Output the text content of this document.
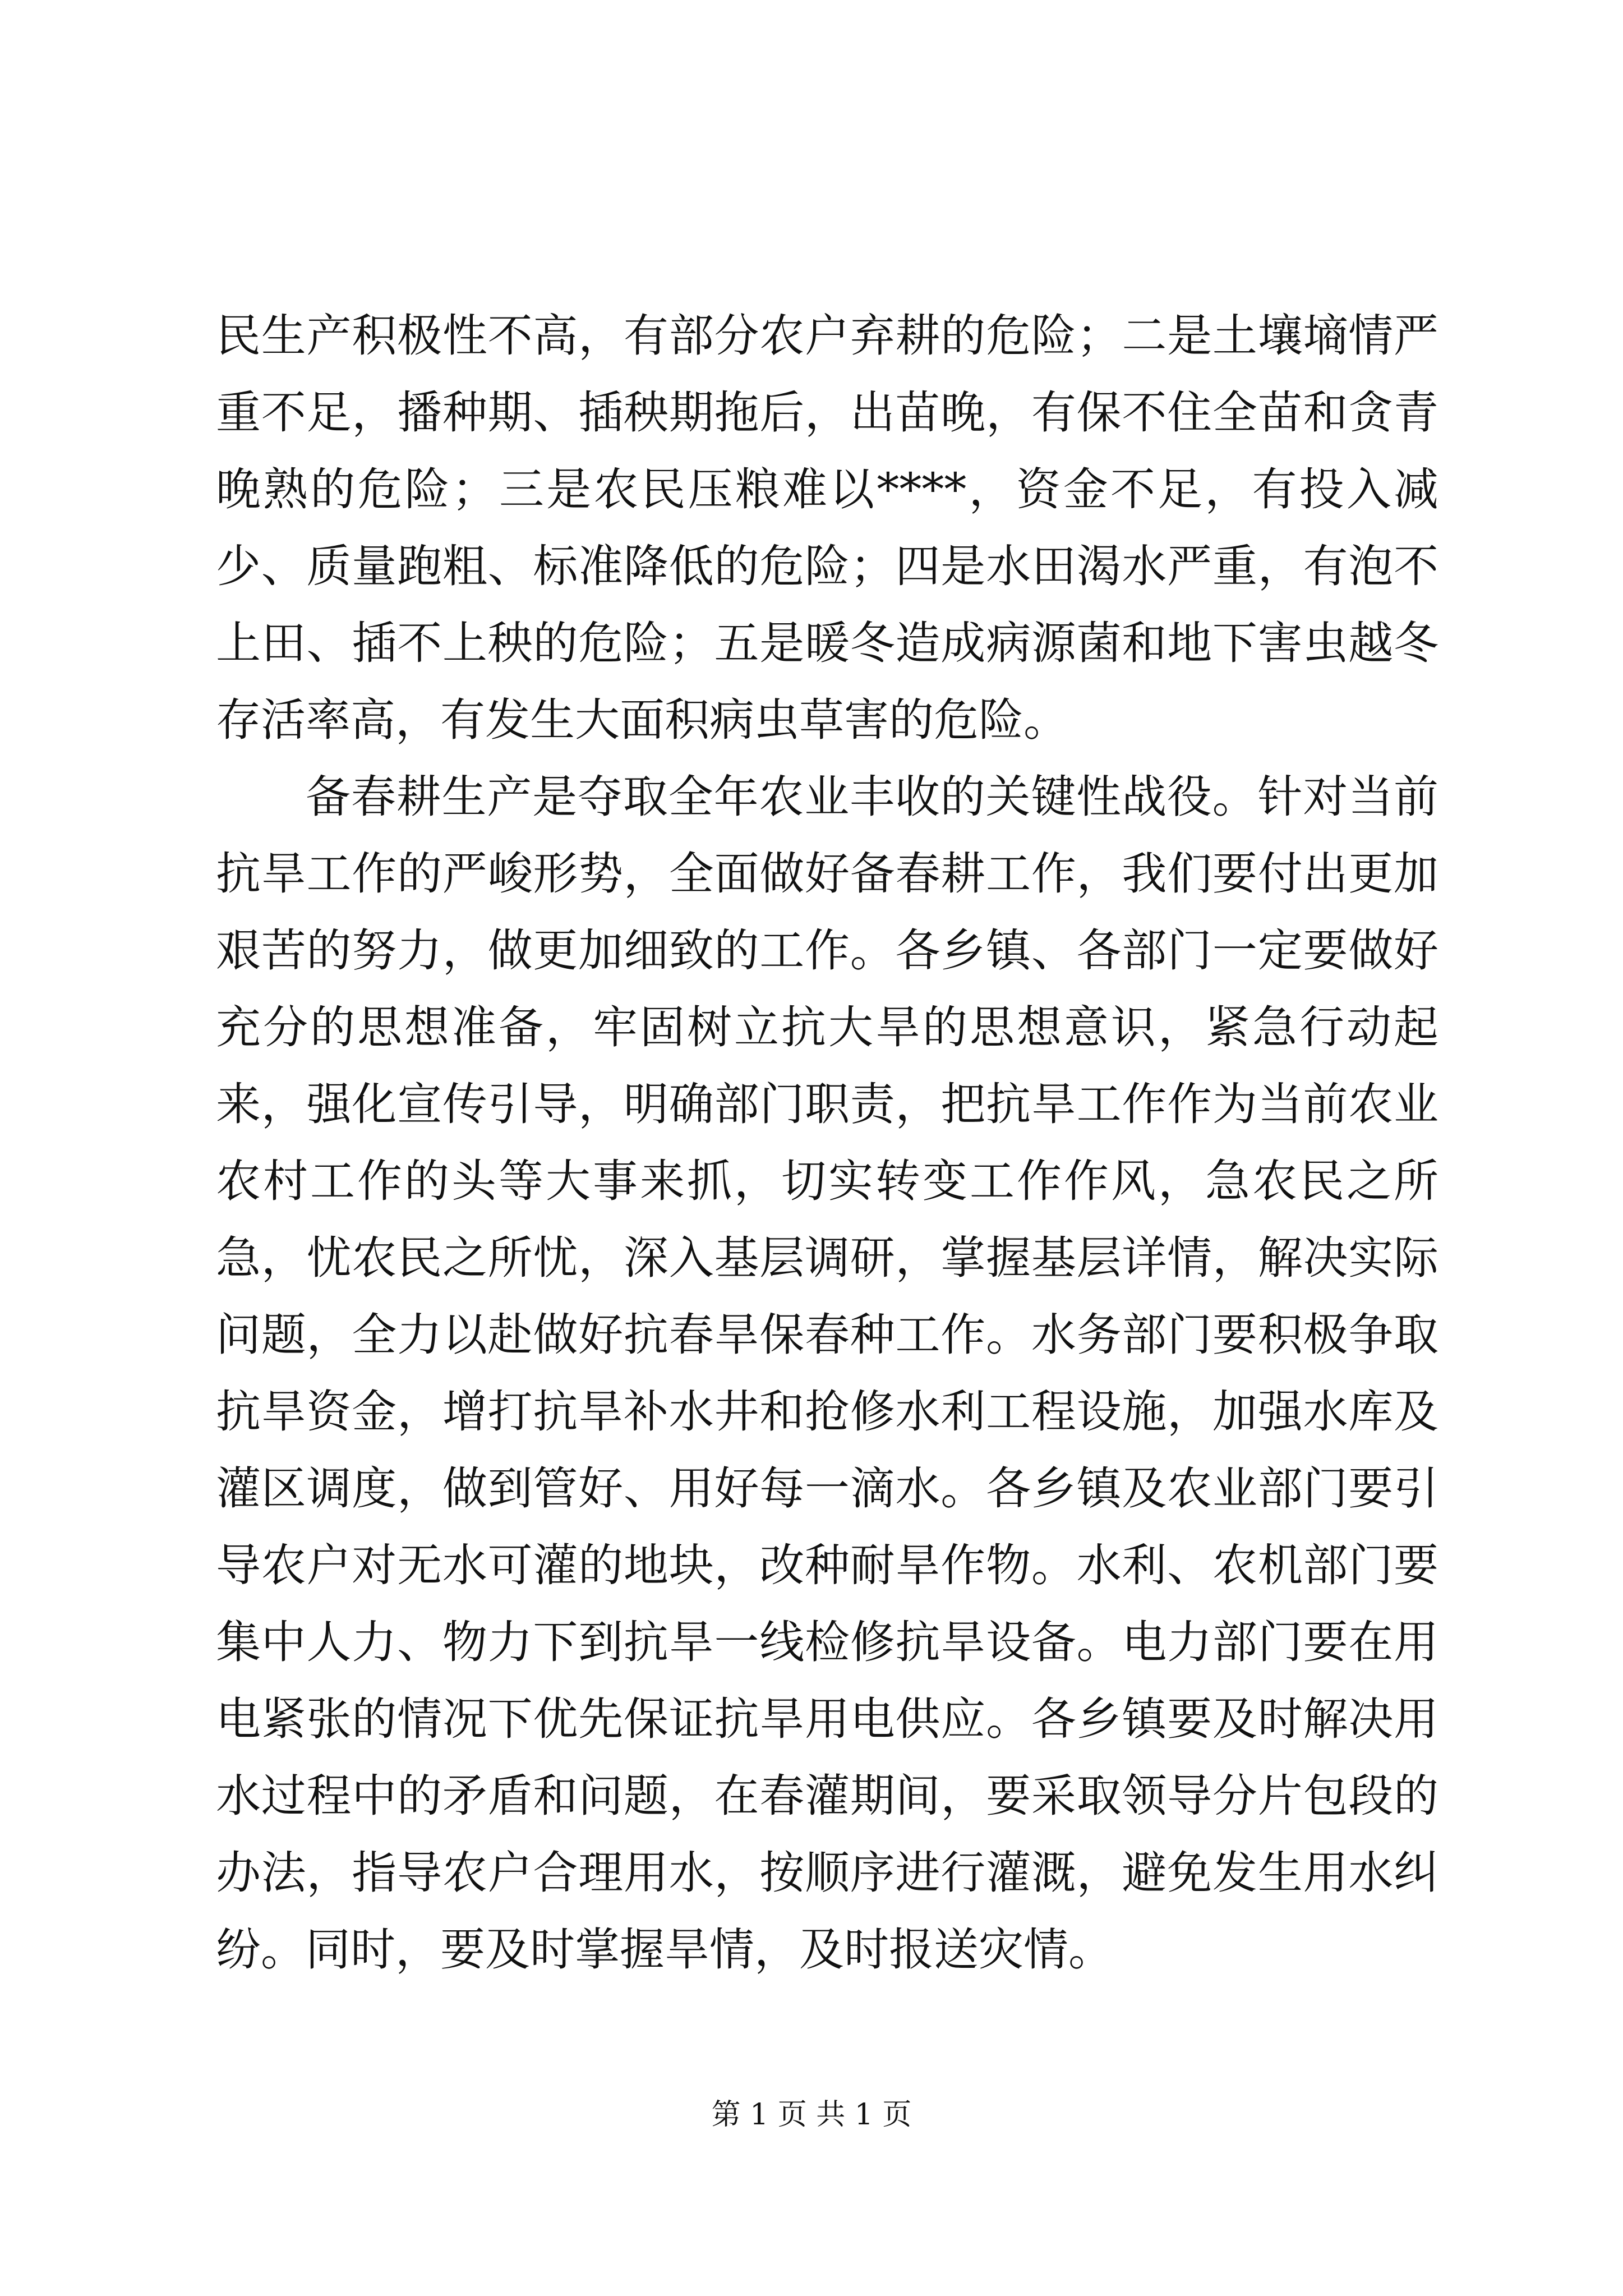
民生产积极性不高，有部分农户弃耕的危险；二是土壤墒情严重不足，播种期、插秧期拖后，出苗晚，有保不住全苗和贪青晚熟的危险；三是农民压粮难以****，资金不足，有投入减少、质量跑粗、标准降低的危险；四是水田渴水严重，有泡不上田、插不上秧的危险；五是暖冬造成病源菌和地下害虫越冬存活率高，有发生大面积病虫草害的危险。

备春耕生产是夺取全年农业丰收的关键性战役。针对当前抗旱工作的严峻形势，全面做好备春耕工作，我们要付出更加艰苦的努力，做更加细致的工作。各乡镇、各部门一定要做好充分的思想准备，牢固树立抗大旱的思想意识，紧急行动起来，强化宣传引导，明确部门职责，把抗旱工作作为当前农业农村工作的头等大事来抓，切实转变工作作风，急农民之所急，忧农民之所忧，深入基层调研，掌握基层详情，解决实际问题，全力以赴做好抗春旱保春种工作。水务部门要积极争取抗旱资金，增打抗旱补水井和抢修水利工程设施，加强水库及灌区调度，做到管好、用好每一滴水。各乡镇及农业部门要引导农户对无水可灌的地块，改种耐旱作物。水利、农机部门要集中人力、物力下到抗旱一线检修抗旱设备。电力部门要在用电紧张的情况下优先保证抗旱用电供应。各乡镇要及时解决用水过程中的矛盾和问题，在春灌期间，要采取领导分片包段的办法，指导农户合理用水，按顺序进行灌溉，避免发生用水纠纷。同时，要及时掌握旱情，及时报送灾情。

第 1 页 共 1 页
